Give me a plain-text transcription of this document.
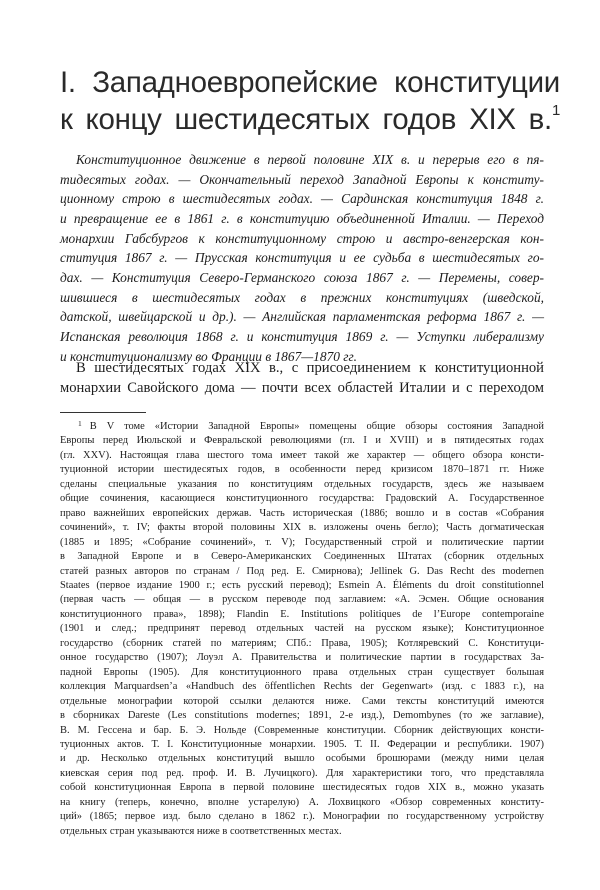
I. Западноевропейские конституции
к концу шестидесятых годов XIX в.$^1$
Конституционное движение в первой половине XIX в. и перерыв его в пя-
тидесятых годах. — Окончательный переход Западной Европы к конститу-
ционному строю в шестидесятых годах. — Сардинская конституция 1848 г.
и превращение ее в 1861 г. в конституцию объединенной Италии. — Переход
монархии Габсбургов к конституционному строю и австро-венгерская кон-
ституция 1867 г. — Прусская конституция и ее судьба в шестидесятых го-
дах. — Конституция Северо-Германского союза 1867 г. — Перемены, совер-
шившиеся в шестидесятых годах в прежних конституциях (шведской,
датской, швейцарской и др.). — Английская парламентская реформа 1867 г. —
Испанская революция 1868 г. и конституция 1869 г. — Уступки либерализму
и конституционализму во Франции в 1867—1870 гг.
В шестидесятых годах XIX в., с присоединением к конституционной
монархии Савойского дома — почти всех областей Италии и с переходом
$^1$ В V томе «Истории Западной Европы» помещены общие обзоры состояния Западной
Европы перед Июльской и Февральской революциями (гл. I и XVIII) и в пятидесятых годах
(гл. XXV). Настоящая глава шестого тома имеет такой же характер — общего обзора консти-
туционной истории шестидесятых годов, в особенности перед кризисом 1870–1871 гг. Ниже
сделаны специальные указания по конституциям отдельных государств, здесь же называем
общие сочинения, касающиеся конституционного государства: Градовский А. Государственное
право важнейших европейских держав. Часть историческая (1886; вошло и в состав «Собрания
сочинений», т. IV; факты второй половины XIX в. изложены очень бегло); Часть догматическая
(1885 и 1895; «Собрание сочинений», т. V); Государственный строй и политические партии
в Западной Европе и в Северо-Американских Соединенных Штатах (сборник отдельных
статей разных авторов по странам / Под ред. Е. Смирнова); Jellinek G. Das Recht des modernen
Staates (первое издание 1900 г.; есть русский перевод); Esmein A. Éléments du droit constitutionnel
(первая часть — общая — в русском переводе под заглавием: «А. Эсмен. Общие основания
конституционного права», 1898); Flandin E. Institutions politiques de l’Europe contemporaine
(1901 и след.; предпринят перевод отдельных частей на русском языке); Конституционное
государство (сборник статей по материям; СПб.: Права, 1905); Котляревский С. Конституци-
онное государство (1907); Лоуэл А. Правительства и политические партии в государствах За-
падной Европы (1905). Для конституционного права отдельных стран существует большая
коллекция Marquardsen’a «Handbuch des öffentlichen Rechts der Gegenwart» (изд. с 1883 г.), на
отдельные монографии которой ссылки делаются ниже. Сами тексты конституций имеются
в сборниках Dareste (Les constitutions modernes; 1891, 2-е изд.), Demombynes (то же заглавие),
В. М. Гессена и бар. Б. Э. Нольде (Современные конституции. Сборник действующих консти-
туционных актов. Т. I. Конституционные монархии. 1905. Т. II. Федерации и республики. 1907)
и др. Несколько отдельных конституций вышло особыми брошюрами (между ними целая
киевская серия под ред. проф. И. В. Лучицкого). Для характеристики того, что представляла
собой конституционная Европа в первой половине шестидесятых годов XIX в., можно указать
на книгу (теперь, конечно, вполне устарелую) А. Лохвицкого «Обзор современных конститу-
ций» (1865; первое изд. было сделано в 1862 г.). Монографии по государственному устройству
отдельных стран указываются ниже в соответственных местах.
